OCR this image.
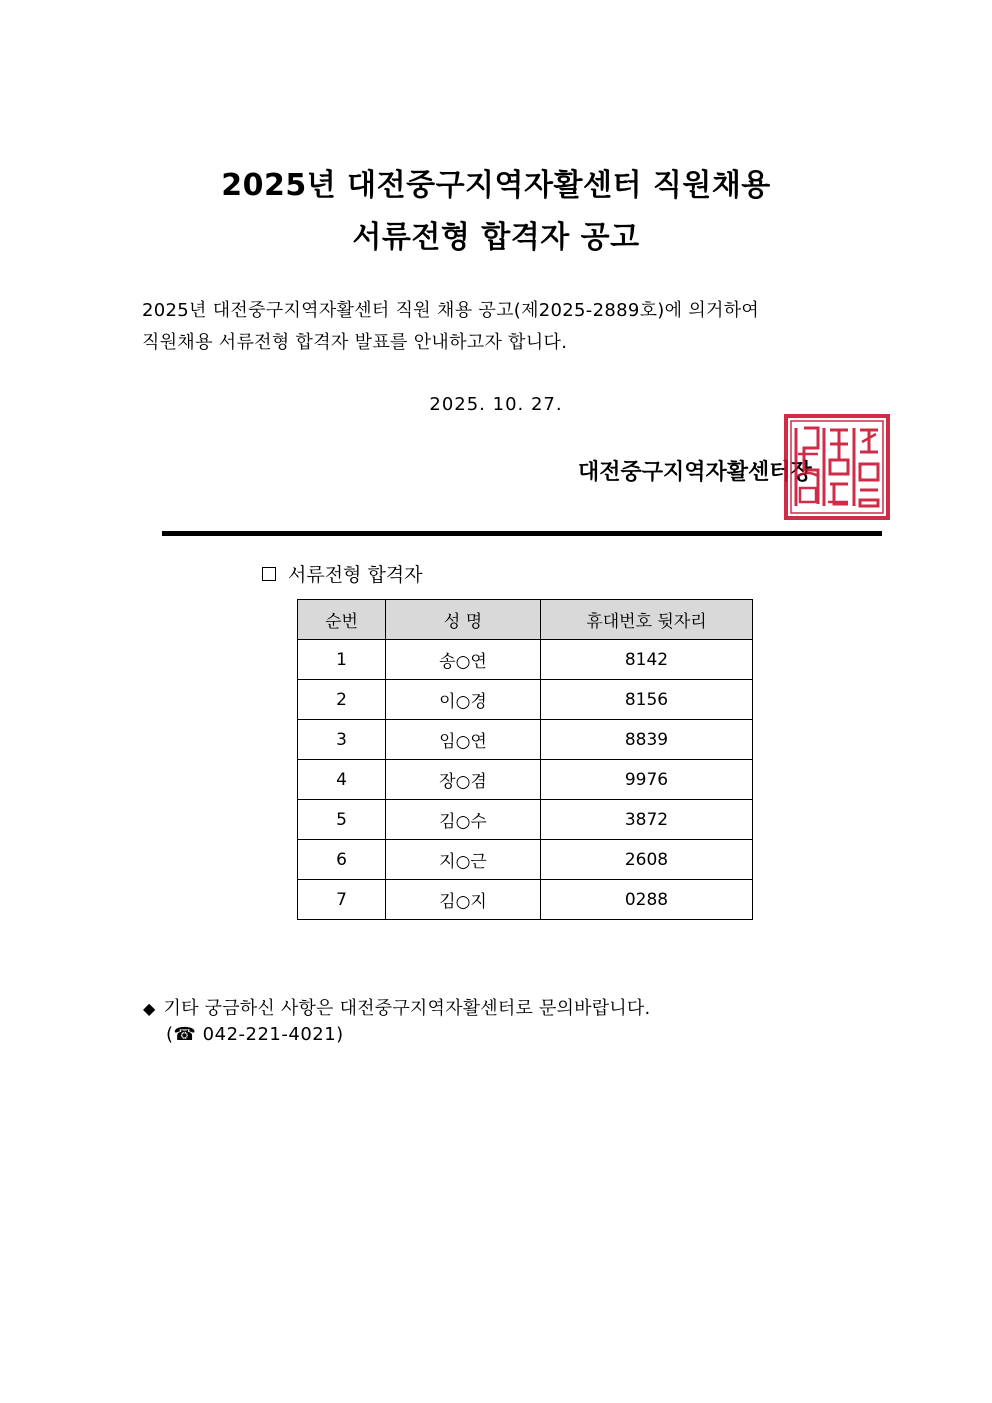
2025년 대전중구지역자활센터 직원채용
서류전형 합격자 공고
2025년 대전중구지역자활센터 직원 채용 공고(제2025-2889호)에 의거하여
직원채용 서류전형 합격자 발표를 안내하고자 합니다.
2025. 10. 27.
대전중구지역자활센터장
서류전형 합격자
순번	성 명	휴대번호 뒷자리
1	송○연	8142
2	이○경	8156
3	임○연	8839
4	장○겸	9976
5	김○수	3872
6	지○근	2608
7	김○지	0288
◆ 기타 궁금하신 사항은 대전중구지역자활센터로 문의바랍니다.
(☎ 042-221-4021)
